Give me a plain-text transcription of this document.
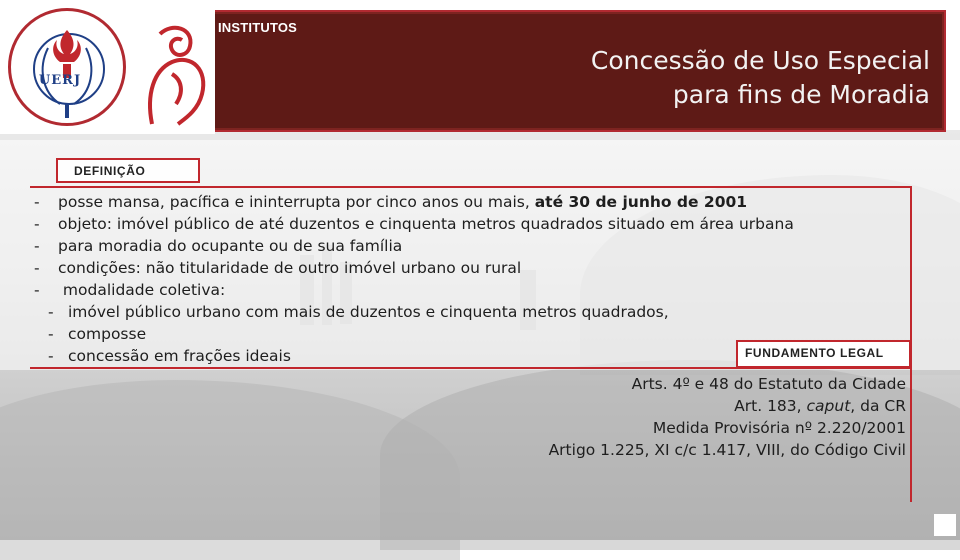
UERJ
INSTITUTOS
Concessão de Uso Especial
para fins de Moradia
DEFINIÇÃO
- posse mansa, pacífica e ininterrupta por cinco anos ou mais, até 30 de junho de 2001
- objeto: imóvel público de até duzentos e cinquenta metros quadrados situado em área urbana
- para moradia do ocupante ou de sua família
- condições: não titularidade de outro imóvel urbano ou rural
- modalidade coletiva:
- imóvel público urbano com mais de duzentos e cinquenta metros quadrados,
- composse
- concessão em frações ideais	FUNDAMENTO LEGAL
Arts. 4º e 48 do Estatuto da Cidade
Art. 183, caput, da CR
Medida Provisória nº 2.220/2001
Artigo 1.225, XI c/c 1.417, VIII, do Código Civil
